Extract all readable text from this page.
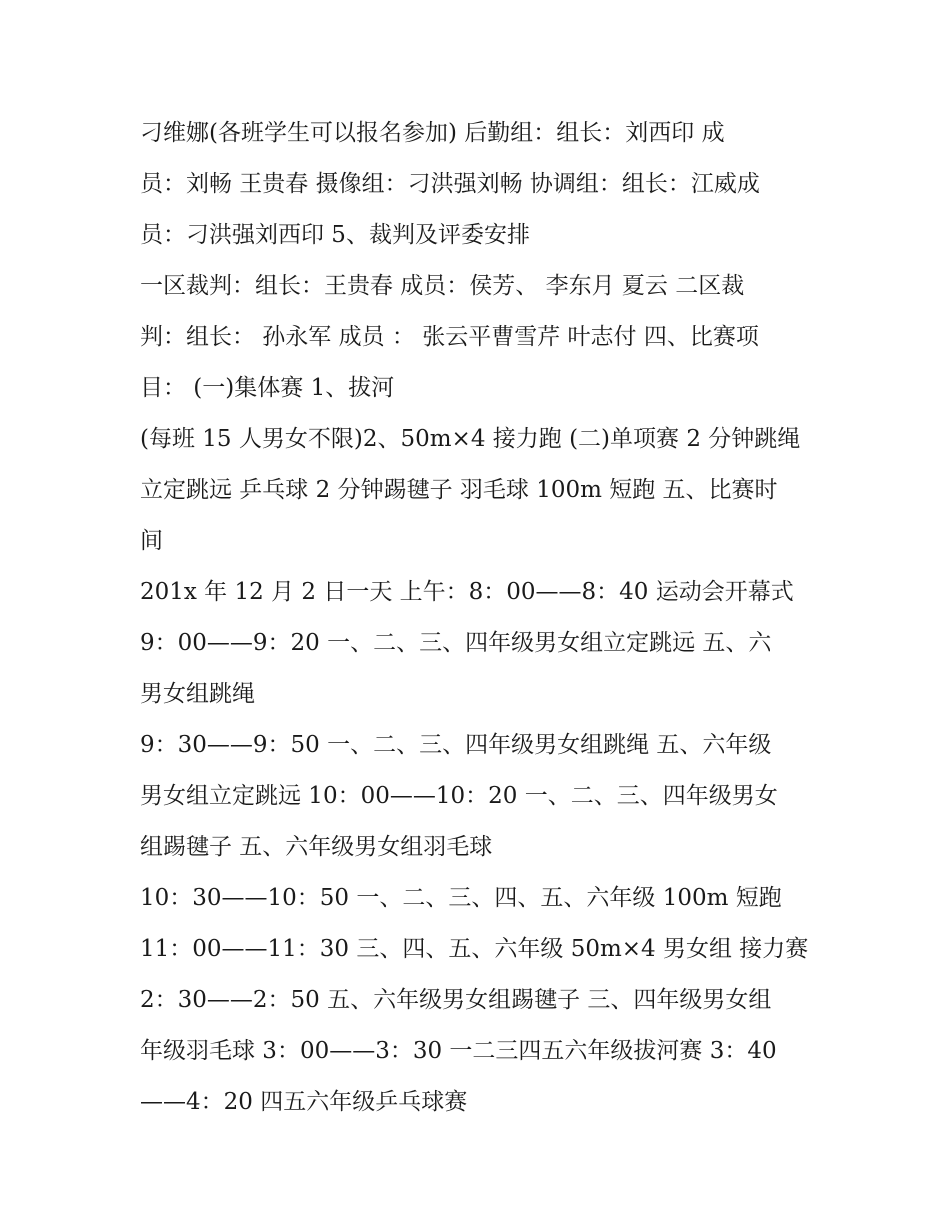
刁维娜(各班学生可以报名参加) 后勤组：组长：刘西印 成
员：刘畅 王贵春 摄像组：刁洪强刘畅 协调组：组长：江威成
员：刁洪强刘西印 5、裁判及评委安排
一区裁判：组长：王贵春 成员：侯芳、 李东月 夏云 二区裁
判：组长： 孙永军 成员 ： 张云平曹雪芹 叶志付 四、比赛项
目： (一)集体赛 1、拔河
(每班 15 人男女不限)2、50m×4 接力跑 (二)单项赛 2 分钟跳绳
立定跳远 乒乓球 2 分钟踢毽子 羽毛球 100m 短跑 五、比赛时
间
201x 年 12 月 2 日一天 上午：8：00——8：40 运动会开幕式
9：00——9：20 一、二、三、四年级男女组立定跳远 五、六
男女组跳绳
9：30——9：50 一、二、三、四年级男女组跳绳 五、六年级
男女组立定跳远 10：00——10：20 一、二、三、四年级男女
组踢毽子 五、六年级男女组羽毛球
10：30——10：50 一、二、三、四、五、六年级 100m 短跑
11：00——11：30 三、四、五、六年级 50m×4 男女组 接力赛
2：30——2：50 五、六年级男女组踢毽子 三、四年级男女组
年级羽毛球 3：00——3：30 一二三四五六年级拔河赛 3：40
——4：20 四五六年级乒乓球赛
